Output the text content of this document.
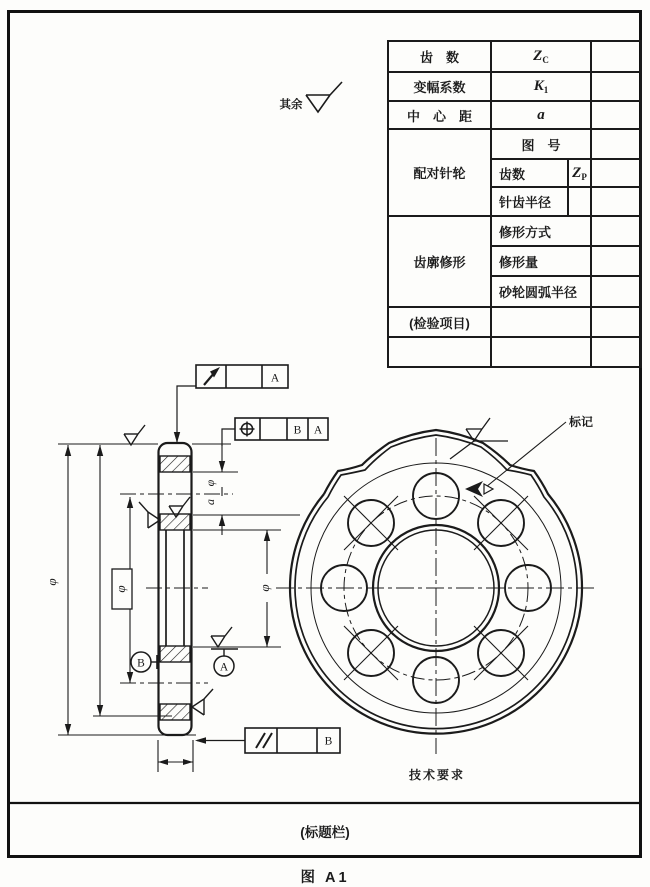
其余
φ
φ
φ
a
φ
B	A
A
B A
B
标记
技术要求
齿　数	$Z_C$	
变幅系数	$K_1$	
中　心　距	a		
配对针轮	图　号		
	齿数	$Z_P$	
	针齿半径		
齿廓修形	修形方式		
	修形量		
	砂轮圆弧半径		
(检验项目)			

(标题栏)
图 A1
